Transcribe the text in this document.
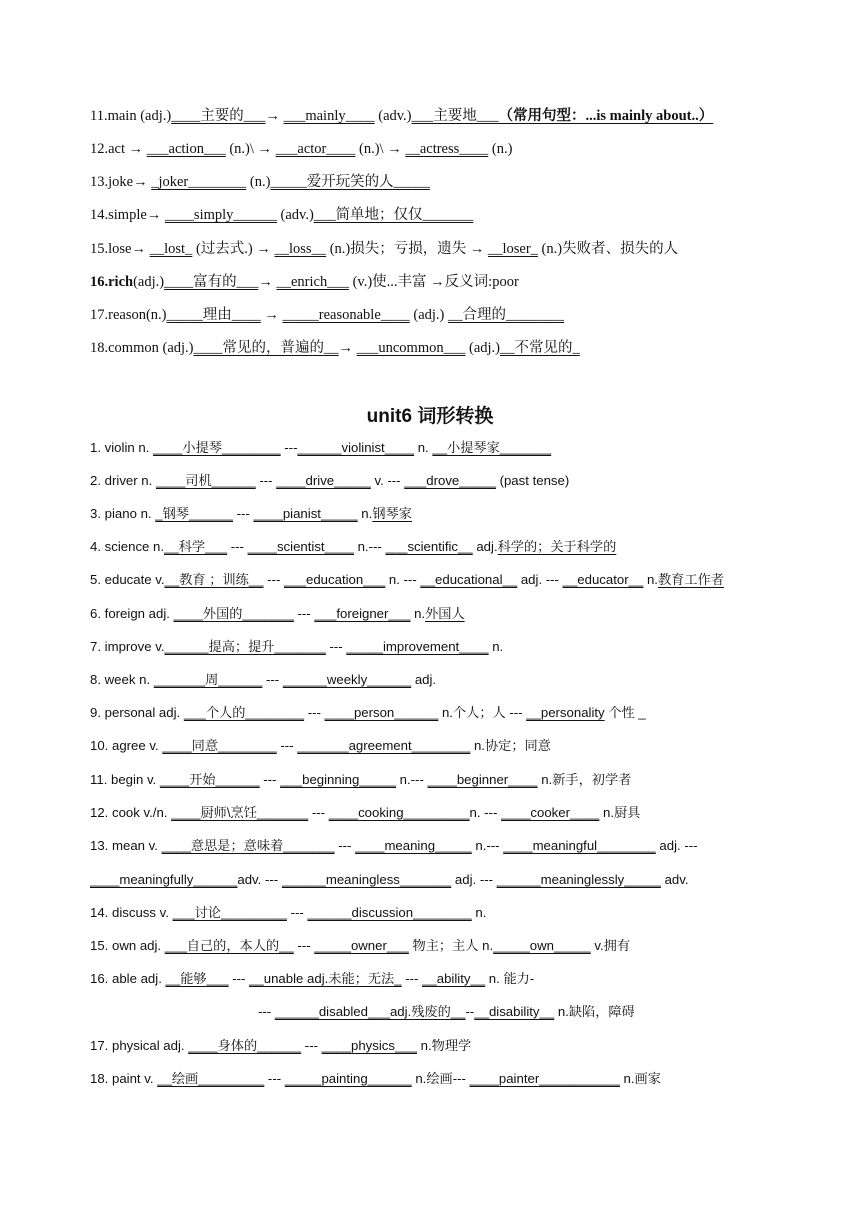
11.main (adj.)____主要的___→ ___mainly____ (adv.)___主要地___（常用句型：...is mainly about..）
12.act → ___action___ (n.)\ → ___actor____ (n.)\ → __actress____ (n.)
13.joke→ _joker________ (n.)_____爱开玩笑的人_____
14.simple→ ____simply______ (adv.)___简单地；仅仅_______
15.lose→ __lost_ (过去式.) → __loss__ (n.)损失；亏损，遗失 → __loser_ (n.)失败者、损失的人
16.rich(adj.)____富有的___→ __enrich___ (v.)使...丰富 →反义词:poor
17.reason(n.)_____理由____ → _____reasonable____ (adj.) __合理的________
18.common (adj.)____常见的，普遍的__→ ___uncommon___ (adj.)__不常见的_
unit6 词形转换
1. violin n. ____小提琴________ ---______violinist____ n. __小提琴家_______
2. driver n. ____司机______ --- ____drive_____ v. --- ___drove_____ (past tense)
3. piano n. _钢琴______ --- ____pianist_____ n.钢琴家
4. science n.__科学___ --- ____scientist____ n.--- ___scientific__ adj.科学的；关于科学的
5. educate v.__教育 ；训练__ --- ___education___ n. --- __educational__ adj. --- __educator__ n.教育工作者
6. foreign adj. ____外国的_______ --- ___foreigner___ n.外国人
7. improve v.______提高；提升_______ --- _____improvement____ n.
8. week n. _______周______ --- ______weekly______ adj.
9. personal adj. ___个人的________ --- ____person______ n.个人；人 --- __personality 个性 _
10. agree v. ____同意________ --- _______agreement________ n.协定；同意
11. begin v. ____开始______ --- ___beginning_____ n.--- ____beginner____ n.新手，初学者
12. cook v./n. ____厨师\烹饪_______ --- ____cooking_________n. --- ____cooker____ n.厨具
13. mean v. ____意思是；意味着_______ --- ____meaning_____ n.--- ____meaningful________ adj. ---
____meaningfully______adv. --- ______meaningless_______ adj. --- ______meaninglessly_____ adv.
14. discuss v. ___讨论_________ --- ______discussion________ n.
15. own adj. ___自己的，本人的__ --- _____owner___ 物主；主人 n._____own_____ v.拥有
16. able adj. __能够___ --- __unable adj.未能；无法_ --- __ability__ n. 能力-
--- ______disabled___adj.残废的__--__disability__ n.缺陷，障碍
17. physical adj. ____身体的______ --- ____physics___ n.物理学
18. paint v. __绘画_________ --- _____painting______ n.绘画--- ____painter___________ n.画家
